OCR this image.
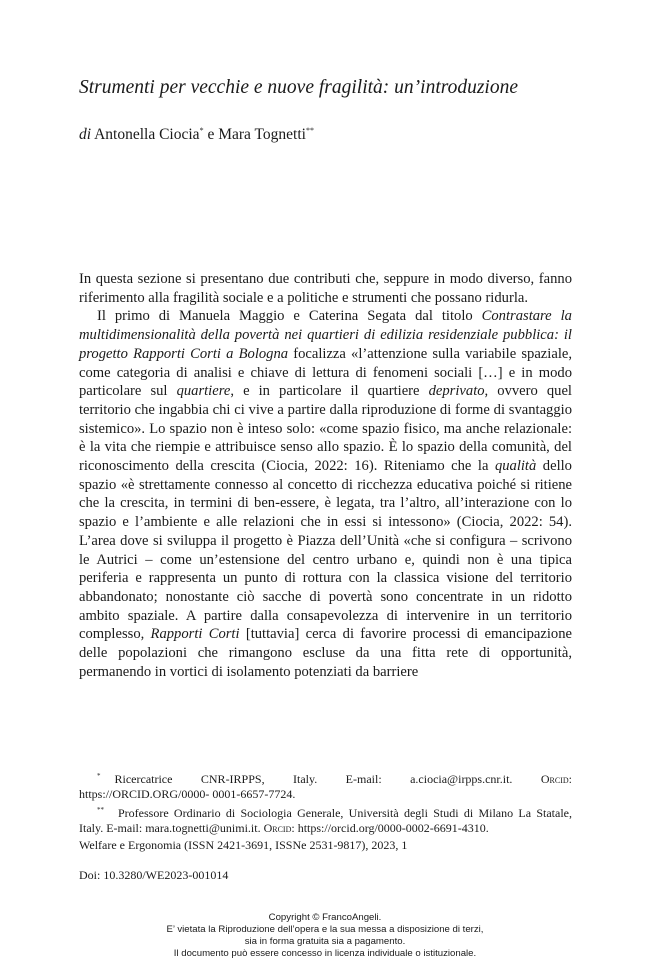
Strumenti per vecchie e nuove fragilità: un’introduzione

di Antonella Ciocia* e Mara Tognetti**

In questa sezione si presentano due contributi che, seppure in modo diverso, fanno riferimento alla fragilità sociale e a politiche e strumenti che possano ridurla.

Il primo di Manuela Maggio e Caterina Segata dal titolo Contrastare la multidimensionalità della povertà nei quartieri di edilizia residenziale pubblica: il progetto Rapporti Corti a Bologna focalizza «l’attenzione sulla variabile spaziale, come categoria di analisi e chiave di lettura di fenomeni sociali […] e in modo particolare sul quartiere, e in particolare il quartiere deprivato, ovvero quel territorio che ingabbia chi ci vive a partire dalla riproduzione di forme di svantaggio sistemico». Lo spazio non è inteso solo: «come spazio fisico, ma anche relazionale: è la vita che riempie e attribuisce senso allo spazio. È lo spazio della comunità, del riconoscimento della crescita (Ciocia, 2022: 16). Riteniamo che la qualità dello spazio «è strettamente connesso al concetto di ricchezza educativa poiché si ritiene che la crescita, in termini di ben-essere, è legata, tra l’altro, all’interazione con lo spazio e l’ambiente e alle relazioni che in essi si intessono» (Ciocia, 2022: 54). L’area dove si sviluppa il progetto è Piazza dell’Unità «che si configura – scrivono le Autrici – come un’estensione del centro urbano e, quindi non è una tipica periferia e rappresenta un punto di rottura con la classica visione del territorio abbandonato; nonostante ciò sacche di povertà sono concentrate in un ridotto ambito spaziale. A partire dalla consapevolezza di intervenire in un territorio complesso, Rapporti Corti [tuttavia] cerca di favorire processi di emancipazione delle popolazioni che rimangono escluse da una fitta rete di opportunità, permanendo in vortici di isolamento potenziati da barriere

* Ricercatrice CNR-IRPPS, Italy. E-mail: a.ciocia@irpps.cnr.it. Orcid: https://ORCID.ORG/0000- 0001-6657-7724.

** Professore Ordinario di Sociologia Generale, Università degli Studi di Milano La Statale, Italy. E-mail: mara.tognetti@unimi.it. Orcid: https://orcid.org/0000-0002-6691-4310.

Welfare e Ergonomia (ISSN 2421-3691, ISSNe 2531-9817), 2023, 1

Doi: 10.3280/WE2023-001014

Copyright © FrancoAngeli.
E’ vietata la Riproduzione dell’opera e la sua messa a disposizione di terzi,
sia in forma gratuita sia a pagamento.
Il documento può essere concesso in licenza individuale o istituzionale.
